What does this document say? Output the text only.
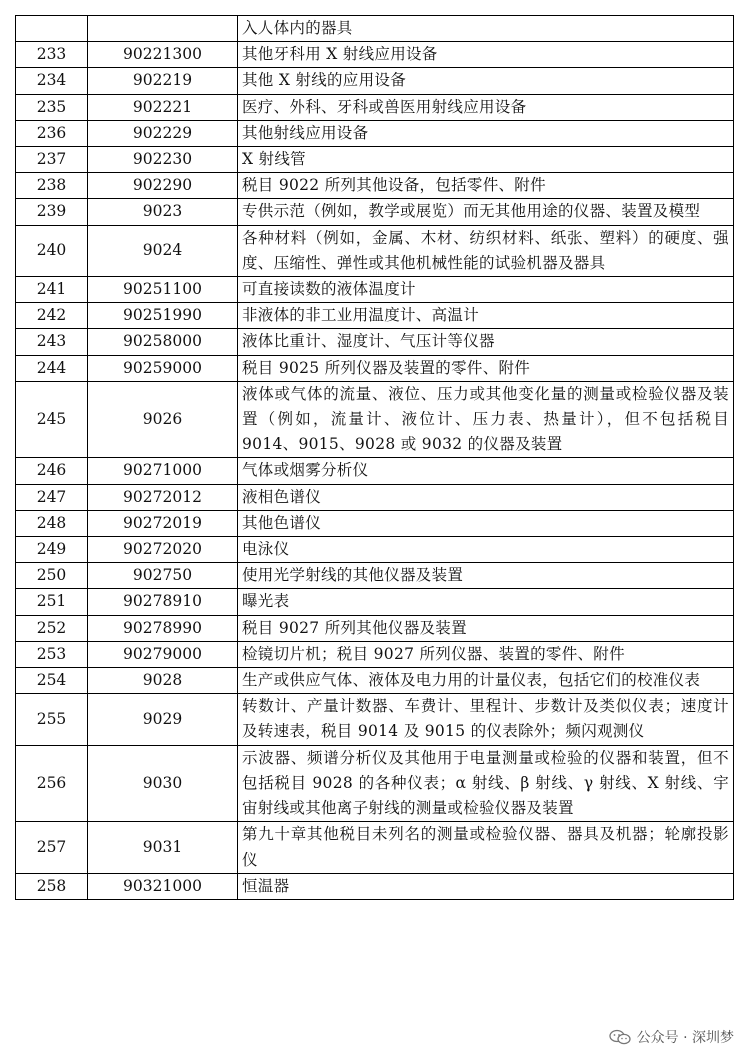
		入人体内的器具
233	90221300	其他牙科用 X 射线应用设备
234	902219	其他 X 射线的应用设备
235	902221	医疗、外科、牙科或兽医用射线应用设备
236	902229	其他射线应用设备
237	902230	X 射线管
238	902290	税目 9022 所列其他设备，包括零件、附件
239	9023	专供示范（例如，教学或展览）而无其他用途的仪器、装置及模型
240	9024	各种材料（例如，金属、木材、纺织材料、纸张、塑料）的硬度、强度、压缩性、弹性或其他机械性能的试验机器及器具
241	90251100	可直接读数的液体温度计
242	90251990	非液体的非工业用温度计、高温计
243	90258000	液体比重计、湿度计、气压计等仪器
244	90259000	税目 9025 所列仪器及装置的零件、附件
245	9026	液体或气体的流量、液位、压力或其他变化量的测量或检验仪器及装置（例如，流量计、液位计、压力表、热量计），但不包括税目 9014、9015、9028 或 9032 的仪器及装置
246	90271000	气体或烟雾分析仪
247	90272012	液相色谱仪
248	90272019	其他色谱仪
249	90272020	电泳仪
250	902750	使用光学射线的其他仪器及装置
251	90278910	曝光表
252	90278990	税目 9027 所列其他仪器及装置
253	90279000	检镜切片机；税目 9027 所列仪器、装置的零件、附件
254	9028	生产或供应气体、液体及电力用的计量仪表，包括它们的校准仪表
255	9029	转数计、产量计数器、车费计、里程计、步数计及类似仪表；速度计及转速表，税目 9014 及 9015 的仪表除外；频闪观测仪
256	9030	示波器、频谱分析仪及其他用于电量测量或检验的仪器和装置，但不包括税目 9028 的各种仪表；α 射线、β 射线、γ 射线、X 射线、宇宙射线或其他离子射线的测量或检验仪器及装置
257	9031	第九十章其他税目未列名的测量或检验仪器、器具及机器；轮廓投影仪
258	90321000	恒温器
公众号 · 深圳梦
